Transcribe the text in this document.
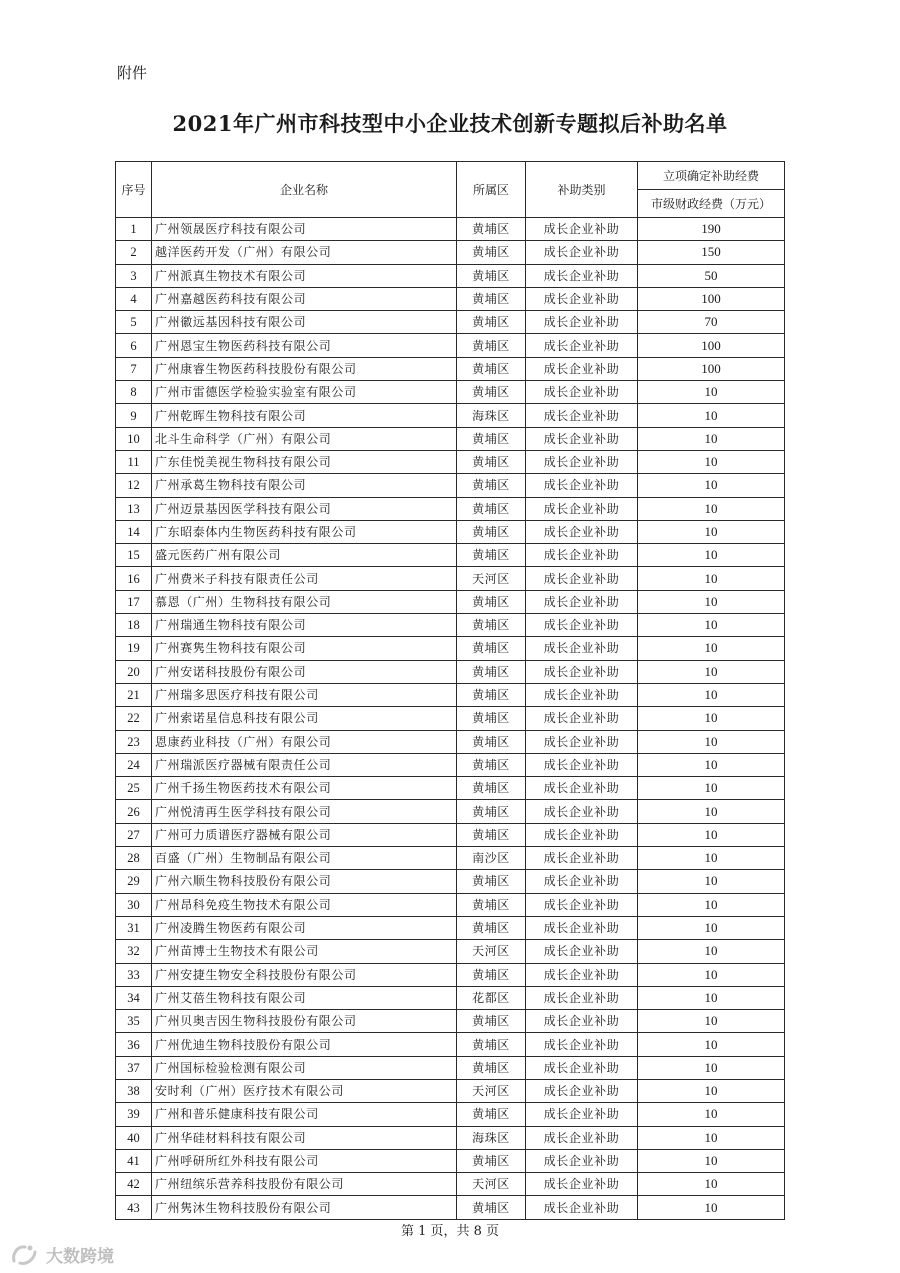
附件
2021年广州市科技型中小企业技术创新专题拟后补助名单
序号	企业名称	所属区	补助类别	立项确定补助经费
				市级财政经费（万元）
1	广州领晟医疗科技有限公司	黄埔区	成长企业补助	190
2	越洋医药开发（广州）有限公司	黄埔区	成长企业补助	150
3	广州派真生物技术有限公司	黄埔区	成长企业补助	50
4	广州嘉越医药科技有限公司	黄埔区	成长企业补助	100
5	广州徽远基因科技有限公司	黄埔区	成长企业补助	70
6	广州恩宝生物医药科技有限公司	黄埔区	成长企业补助	100
7	广州康睿生物医药科技股份有限公司	黄埔区	成长企业补助	100
8	广州市雷德医学检验实验室有限公司	黄埔区	成长企业补助	10
9	广州乾晖生物科技有限公司	海珠区	成长企业补助	10
10	北斗生命科学（广州）有限公司	黄埔区	成长企业补助	10
11	广东佳悦美视生物科技有限公司	黄埔区	成长企业补助	10
12	广州承葛生物科技有限公司	黄埔区	成长企业补助	10
13	广州迈景基因医学科技有限公司	黄埔区	成长企业补助	10
14	广东昭泰体内生物医药科技有限公司	黄埔区	成长企业补助	10
15	盛元医药广州有限公司	黄埔区	成长企业补助	10
16	广州费米子科技有限责任公司	天河区	成长企业补助	10
17	慕恩（广州）生物科技有限公司	黄埔区	成长企业补助	10
18	广州瑞通生物科技有限公司	黄埔区	成长企业补助	10
19	广州赛隽生物科技有限公司	黄埔区	成长企业补助	10
20	广州安诺科技股份有限公司	黄埔区	成长企业补助	10
21	广州瑞多思医疗科技有限公司	黄埔区	成长企业补助	10
22	广州索诺星信息科技有限公司	黄埔区	成长企业补助	10
23	恩康药业科技（广州）有限公司	黄埔区	成长企业补助	10
24	广州瑞派医疗器械有限责任公司	黄埔区	成长企业补助	10
25	广州千扬生物医药技术有限公司	黄埔区	成长企业补助	10
26	广州悦清再生医学科技有限公司	黄埔区	成长企业补助	10
27	广州可力质谱医疗器械有限公司	黄埔区	成长企业补助	10
28	百盛（广州）生物制品有限公司	南沙区	成长企业补助	10
29	广州六顺生物科技股份有限公司	黄埔区	成长企业补助	10
30	广州昂科免疫生物技术有限公司	黄埔区	成长企业补助	10
31	广州凌腾生物医药有限公司	黄埔区	成长企业补助	10
32	广州苗博士生物技术有限公司	天河区	成长企业补助	10
33	广州安捷生物安全科技股份有限公司	黄埔区	成长企业补助	10
34	广州艾蓓生物科技有限公司	花都区	成长企业补助	10
35	广州贝奥吉因生物科技股份有限公司	黄埔区	成长企业补助	10
36	广州优迪生物科技股份有限公司	黄埔区	成长企业补助	10
37	广州国标检验检测有限公司	黄埔区	成长企业补助	10
38	安时利（广州）医疗技术有限公司	天河区	成长企业补助	10
39	广州和普乐健康科技有限公司	黄埔区	成长企业补助	10
40	广州华硅材料科技有限公司	海珠区	成长企业补助	10
41	广州呼研所红外科技有限公司	黄埔区	成长企业补助	10
42	广州纽缤乐营养科技股份有限公司	天河区	成长企业补助	10
43	广州隽沐生物科技股份有限公司	黄埔区	成长企业补助	10
第 1 页，共 8 页
大数跨境
